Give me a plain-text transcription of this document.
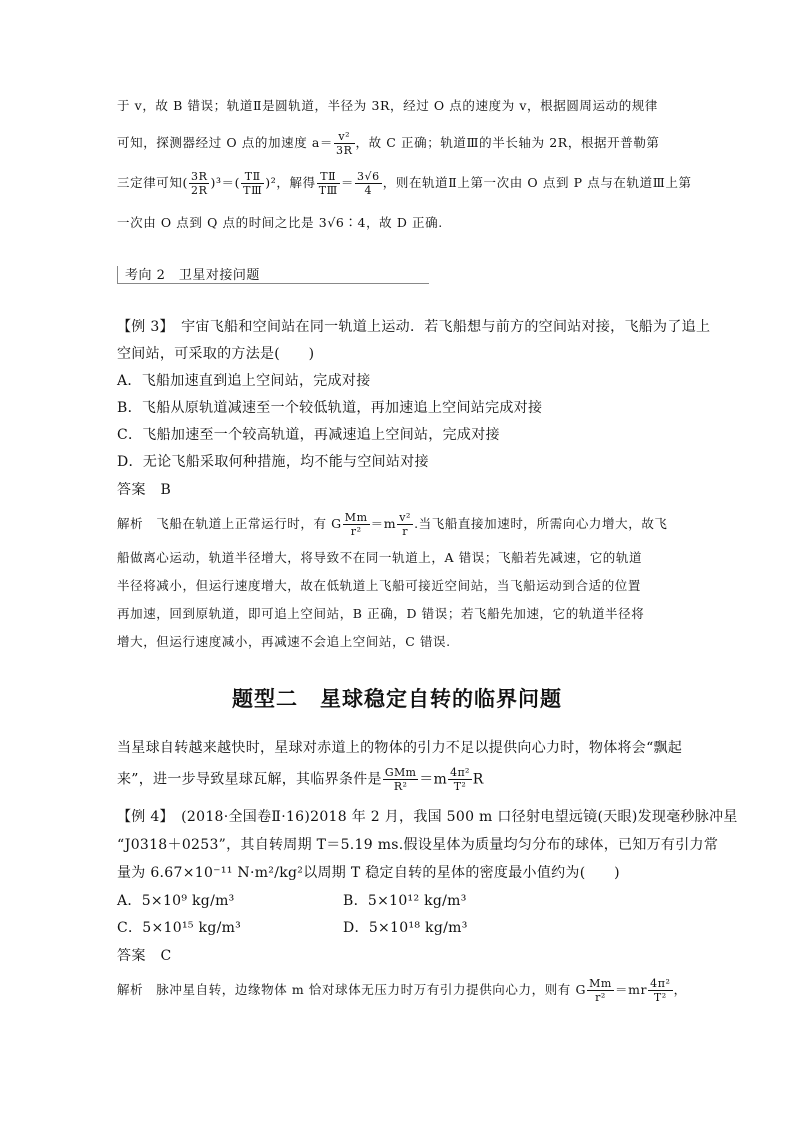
于 v，故 B 错误；轨道Ⅱ是圆轨道，半径为 3R，经过 O 点的速度为 v，根据圆周运动的规律
可知，探测器经过 O 点的加速度 $a= \frac{\text{v²}}{3R}$ ，故 C 正确；轨道Ⅲ的半长轴为 2R，根据开普勒第
三定律可知( $\frac{3R}{2R} )^3=( \frac{\text{TⅡ}}{\text{TⅢ}} )^2$，解得 $\frac{\text{TⅡ}}{\text{TⅢ}} = \frac{3√6}{4}$ ，则在轨道Ⅱ上第一次由 O 点到 P 点与在轨道Ⅲ上第
一次由 O 点到 Q 点的时间之比是 3√6∶4，故 D 正确.
考向 2　卫星对接问题
【例 3】　宇宙飞船和空间站在同一轨道上运动．若飞船想与前方的空间站对接，飞船为了追上
空间站，可采取的方法是(　　)
A．飞船加速直到追上空间站，完成对接
B．飞船从原轨道减速至一个较低轨道，再加速追上空间站完成对接
C．飞船加速至一个较高轨道，再减速追上空间站，完成对接
D．无论飞船采取何种措施，均不能与空间站对接
答案　B
解析　飞船在轨道上正常运行时，有 G $\frac{Mm}{\text{r²}} =m \frac{\text{v²}}{r}$ .当飞船直接加速时，所需向心力增大，故飞
船做离心运动，轨道半径增大，将导致不在同一轨道上，A 错误；飞船若先减速，它的轨道
半径将减小，但运行速度增大，故在低轨道上飞船可接近空间站，当飞船运动到合适的位置
再加速，回到原轨道，即可追上空间站，B 正确，D 错误；若飞船先加速，它的轨道半径将
增大，但运行速度减小，再减速不会追上空间站，C 错误.
题型二 星球稳定自转的临界问题
当星球自转越来越快时，星球对赤道上的物体的引力不足以提供向心力时，物体将会“飘起
来”，进一步导致星球瓦解，其临界条件是 $\frac{\text{GMm}}{\text{R²}} =m \frac{\text{4π²}}{\text{T²}}$ R
【例 4】　(2018·全国卷Ⅱ·16)2018 年 2 月，我国 500 m 口径射电望远镜(天眼)发现毫秒脉冲星
“J0318＋0253”，其自转周期 T＝5.19 ms.假设星体为质量均匀分布的球体，已知万有引力常
量为 6.67×10⁻¹¹ N·m²/kg²以周期 T 稳定自转的星体的密度最小值约为(　　)
A．5×10⁹ kg/m³	B．5×10¹² kg/m³
C．5×10¹⁵ kg/m³	D．5×10¹⁸ kg/m³
答案　C
解析　脉冲星自转，边缘物体 m 恰对球体无压力时万有引力提供向心力，则有 G $\frac{Mm}{\text{r²}} =mr \frac{\text{4π²}}{\text{T²}}$ ，
